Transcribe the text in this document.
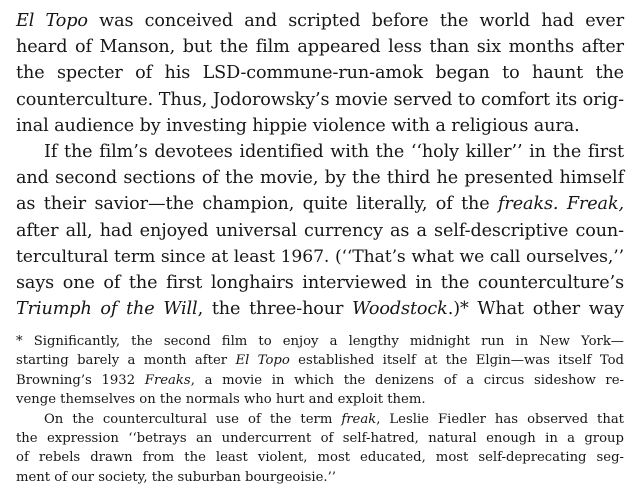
El Topo was conceived and scripted before the world had ever
heard of Manson, but the film appeared less than six months after
the specter of his LSD-commune-run-amok began to haunt the
counterculture. Thus, Jodorowsky’s movie served to comfort its orig-
inal audience by investing hippie violence with a religious aura.
If the film’s devotees identified with the ‘‘holy killer’’ in the first
and second sections of the movie, by the third he presented himself
as their savior—the champion, quite literally, of the freaks. Freak,
after all, had enjoyed universal currency as a self-descriptive coun-
tercultural term since at least 1967. (‘‘That’s what we call ourselves,’’
says one of the first longhairs interviewed in the counterculture’s
Triumph of the Will, the three-hour Woodstock.)* What other way
* Significantly, the second film to enjoy a lengthy midnight run in New York—
starting barely a month after El Topo established itself at the Elgin—was itself Tod
Browning’s 1932 Freaks, a movie in which the denizens of a circus sideshow re-
venge themselves on the normals who hurt and exploit them.
On the countercultural use of the term freak, Leslie Fiedler has observed that
the expression ‘‘betrays an undercurrent of self-hatred, natural enough in a group
of rebels drawn from the least violent, most educated, most self-deprecating seg-
ment of our society, the suburban bourgeoisie.’’
